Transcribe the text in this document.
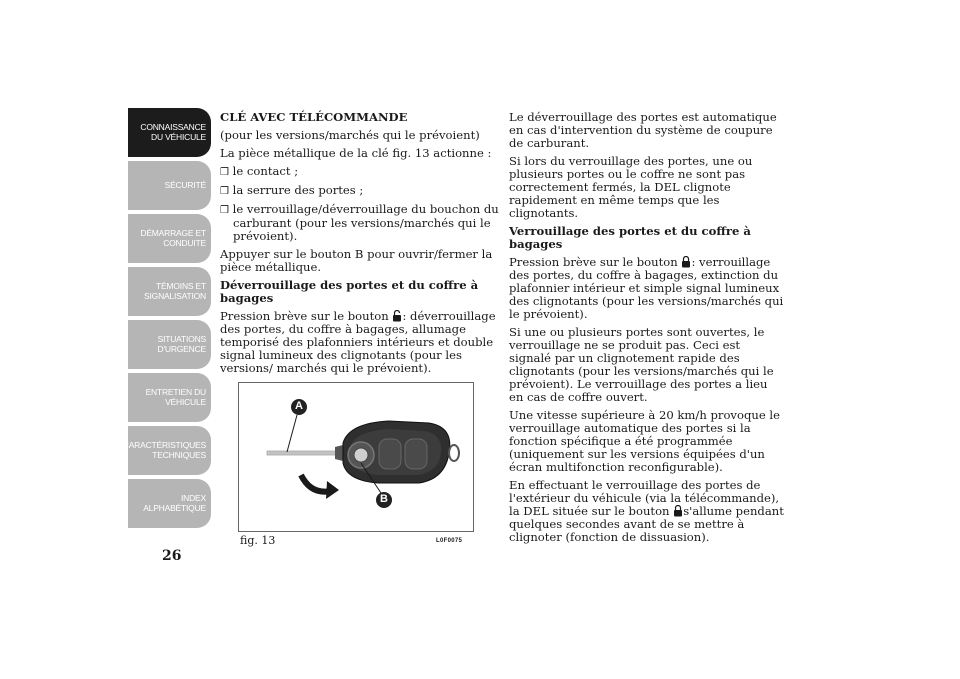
CONNAISSANCE DU VÉHICULE
SÉCURITÉ
DÉMARRAGE ET CONDUITE
TÉMOINS ET SIGNALISATION
SITUATIONS D'URGENCE
ENTRETIEN DU VÉHICULE
CARACTÉRISTIQUES TECHNIQUES
INDEX ALPHABÉTIQUE
26

CLÉ AVEC TÉLÉCOMMANDE

(pour les versions/marchés qui le prévoient)

La pièce métallique de la clé fig. 13 actionne :

❒ le contact ;

❒ la serrure des portes ;

❒ le verrouillage/déverrouillage du bouchon du carburant (pour les versions/marchés qui le prévoient).

Appuyer sur le bouton B pour ouvrir/fermer la pièce métallique.

Déverrouillage des portes et du coffre à bagages

Pression brève sur le bouton : déverrouillage des portes, du coffre à bagages, allumage temporisé des plafonniers intérieurs et double signal lumineux des clignotants (pour les versions/ marchés qui le prévoient).

A
B
fig. 13	L0F0075

Le déverrouillage des portes est automatique en cas d'intervention du système de coupure de carburant.

Si lors du verrouillage des portes, une ou plusieurs portes ou le coffre ne sont pas correctement fermés, la DEL clignote rapidement en même temps que les clignotants.

Verrouillage des portes et du coffre à bagages

Pression brève sur le bouton : verrouillage des portes, du coffre à bagages, extinction du plafonnier intérieur et simple signal lumineux des clignotants (pour les versions/marchés qui le prévoient).

Si une ou plusieurs portes sont ouvertes, le verrouillage ne se produit pas. Ceci est signalé par un clignotement rapide des clignotants (pour les versions/marchés qui le prévoient). Le verrouillage des portes a lieu en cas de coffre ouvert.

Une vitesse supérieure à 20 km/h provoque le verrouillage automatique des portes si la fonction spécifique a été programmée (uniquement sur les versions équipées d'un écran multifonction reconfigurable).

En effectuant le verrouillage des portes de l'extérieur du véhicule (via la télécommande), la DEL située sur le bouton s'allume pendant quelques secondes avant de se mettre à clignoter (fonction de dissuasion).
